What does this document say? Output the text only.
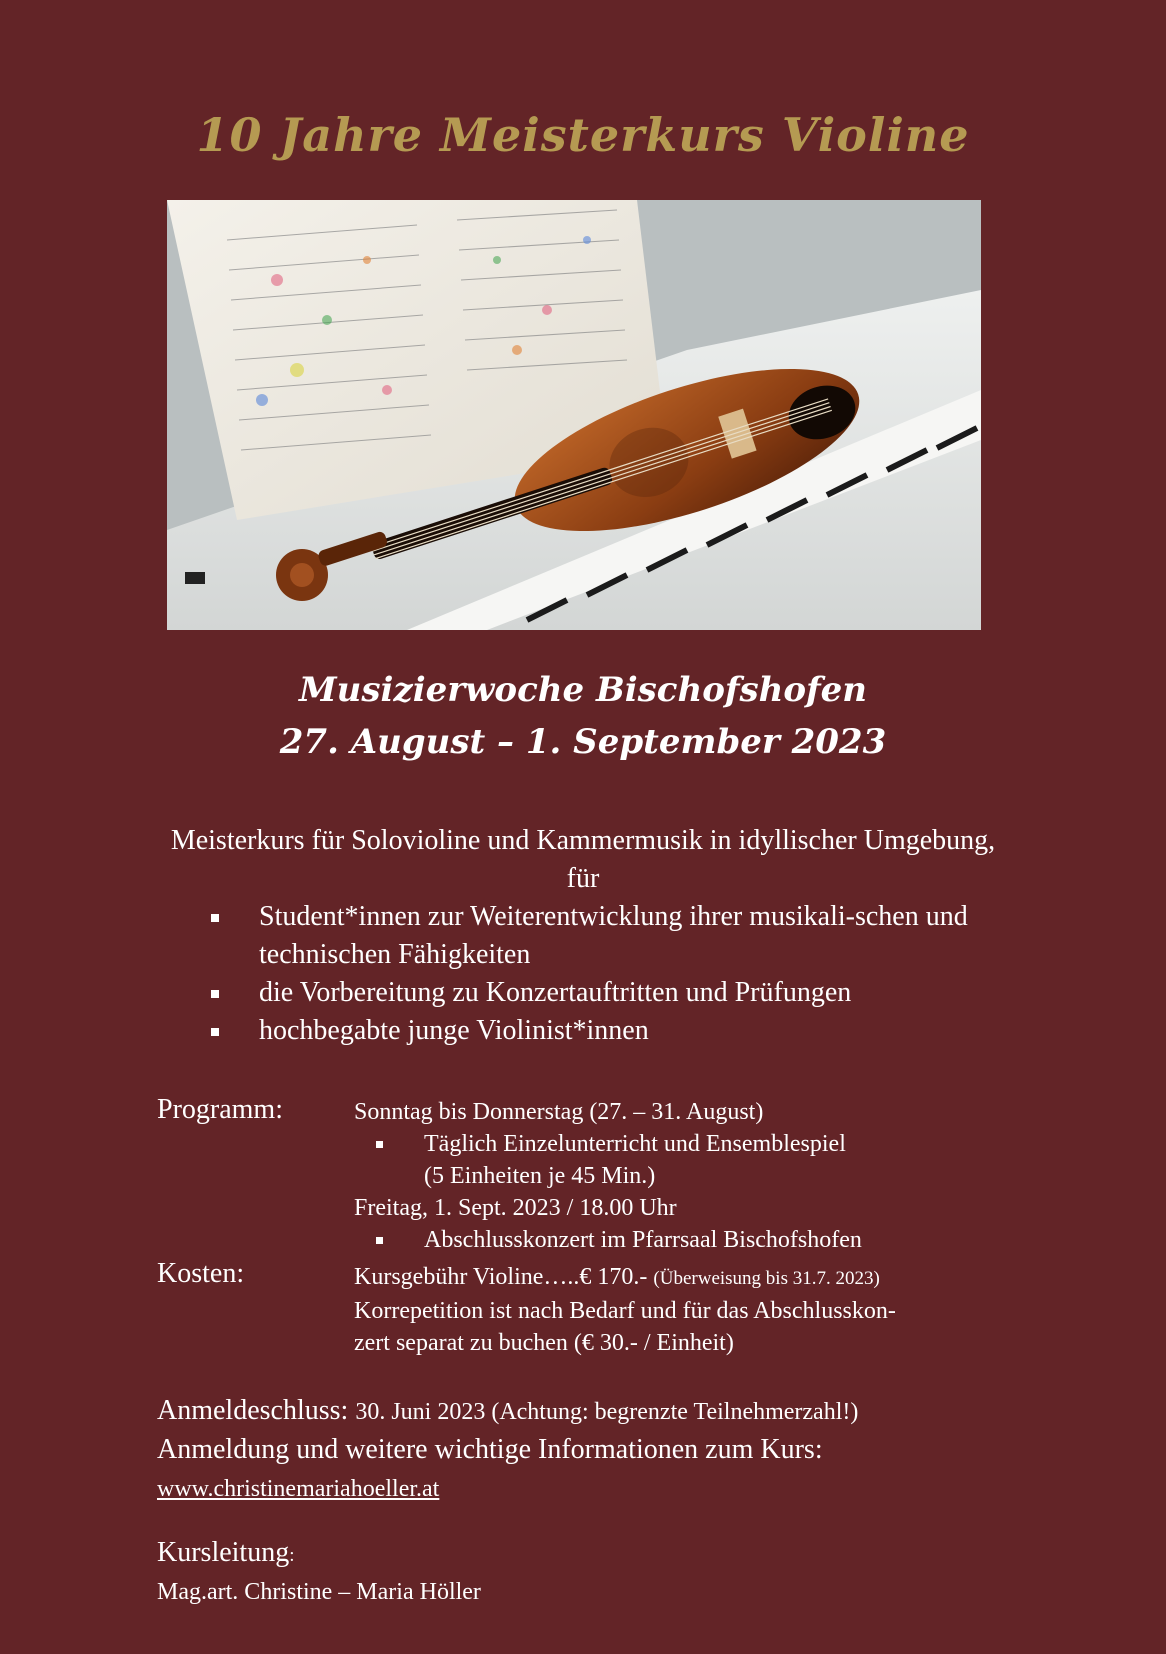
10 Jahre Meisterkurs Violine
Musizierwoche Bischofshofen
27. August – 1. September 2023
Meisterkurs für Solovioline und Kammermusik in idyllischer Umgebung, für
Student*innen zur Weiterentwicklung ihrer musikali-schen und technischen Fähigkeiten
die Vorbereitung zu Konzertauftritten und Prüfungen
hochbegabte junge Violinist*innen
Programm:	Sonntag bis Donnerstag (27. – 31. August)
Täglich Einzelunterricht und Ensemblespiel
(5 Einheiten je 45 Min.)
Freitag, 1. Sept. 2023 / 18.00 Uhr
Abschlusskonzert im Pfarrsaal Bischofshofen
Kosten:	Kursgebühr Violine…..€ 170.- (Überweisung bis 31.7. 2023)
Korrepetition ist nach Bedarf und für das Abschlusskon-
zert separat zu buchen (€ 30.- / Einheit)
Anmeldeschluss: 30. Juni 2023 (Achtung: begrenzte Teilnehmerzahl!)
Anmeldung und weitere wichtige Informationen zum Kurs:
www.christinemariahoeller.at
Kursleitung:
Mag.art. Christine – Maria Höller
